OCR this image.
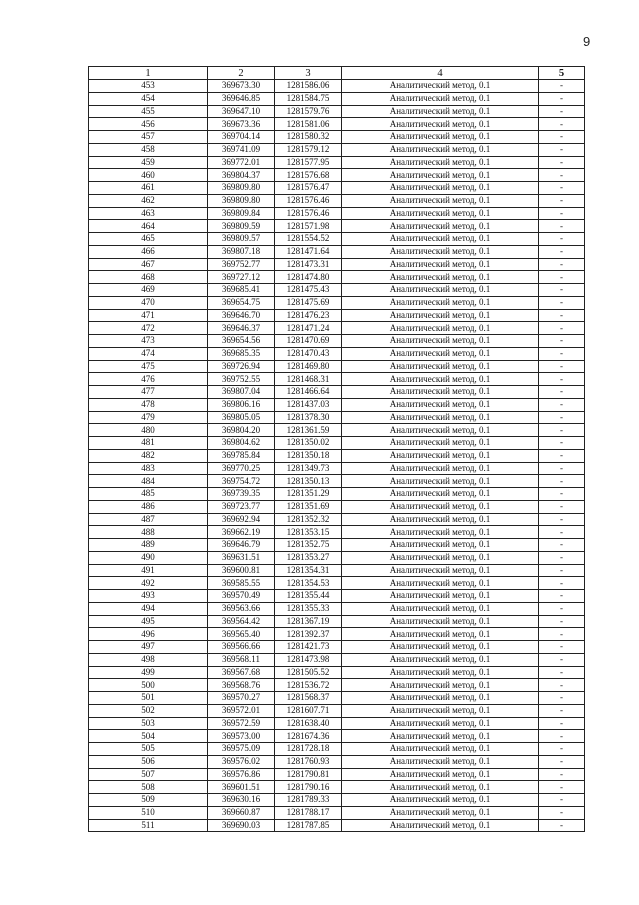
9
1	2	3	4	5
453	369673.30	1281586.06	Аналитический метод, 0.1	-
454	369646.85	1281584.75	Аналитический метод, 0.1	-
455	369647.10	1281579.76	Аналитический метод, 0.1	-
456	369673.36	1281581.06	Аналитический метод, 0.1	-
457	369704.14	1281580.32	Аналитический метод, 0.1	-
458	369741.09	1281579.12	Аналитический метод, 0.1	-
459	369772.01	1281577.95	Аналитический метод, 0.1	-
460	369804.37	1281576.68	Аналитический метод, 0.1	-
461	369809.80	1281576.47	Аналитический метод, 0.1	-
462	369809.80	1281576.46	Аналитический метод, 0.1	-
463	369809.84	1281576.46	Аналитический метод, 0.1	-
464	369809.59	1281571.98	Аналитический метод, 0.1	-
465	369809.57	1281554.52	Аналитический метод, 0.1	-
466	369807.18	1281471.64	Аналитический метод, 0.1	-
467	369752.77	1281473.31	Аналитический метод, 0.1	-
468	369727.12	1281474.80	Аналитический метод, 0.1	-
469	369685.41	1281475.43	Аналитический метод, 0.1	-
470	369654.75	1281475.69	Аналитический метод, 0.1	-
471	369646.70	1281476.23	Аналитический метод, 0.1	-
472	369646.37	1281471.24	Аналитический метод, 0.1	-
473	369654.56	1281470.69	Аналитический метод, 0.1	-
474	369685.35	1281470.43	Аналитический метод, 0.1	-
475	369726.94	1281469.80	Аналитический метод, 0.1	-
476	369752.55	1281468.31	Аналитический метод, 0.1	-
477	369807.04	1281466.64	Аналитический метод, 0.1	-
478	369806.16	1281437.03	Аналитический метод, 0.1	-
479	369805.05	1281378.30	Аналитический метод, 0.1	-
480	369804.20	1281361.59	Аналитический метод, 0.1	-
481	369804.62	1281350.02	Аналитический метод, 0.1	-
482	369785.84	1281350.18	Аналитический метод, 0.1	-
483	369770.25	1281349.73	Аналитический метод, 0.1	-
484	369754.72	1281350.13	Аналитический метод, 0.1	-
485	369739.35	1281351.29	Аналитический метод, 0.1	-
486	369723.77	1281351.69	Аналитический метод, 0.1	-
487	369692.94	1281352.32	Аналитический метод, 0.1	-
488	369662.19	1281353.15	Аналитический метод, 0.1	-
489	369646.79	1281352.75	Аналитический метод, 0.1	-
490	369631.51	1281353.27	Аналитический метод, 0.1	-
491	369600.81	1281354.31	Аналитический метод, 0.1	-
492	369585.55	1281354.53	Аналитический метод, 0.1	-
493	369570.49	1281355.44	Аналитический метод, 0.1	-
494	369563.66	1281355.33	Аналитический метод, 0.1	-
495	369564.42	1281367.19	Аналитический метод, 0.1	-
496	369565.40	1281392.37	Аналитический метод, 0.1	-
497	369566.66	1281421.73	Аналитический метод, 0.1	-
498	369568.11	1281473.98	Аналитический метод, 0.1	-
499	369567.68	1281505.52	Аналитический метод, 0.1	-
500	369568.76	1281536.72	Аналитический метод, 0.1	-
501	369570.27	1281568.37	Аналитический метод, 0.1	-
502	369572.01	1281607.71	Аналитический метод, 0.1	-
503	369572.59	1281638.40	Аналитический метод, 0.1	-
504	369573.00	1281674.36	Аналитический метод, 0.1	-
505	369575.09	1281728.18	Аналитический метод, 0.1	-
506	369576.02	1281760.93	Аналитический метод, 0.1	-
507	369576.86	1281790.81	Аналитический метод, 0.1	-
508	369601.51	1281790.16	Аналитический метод, 0.1	-
509	369630.16	1281789.33	Аналитический метод, 0.1	-
510	369660.87	1281788.17	Аналитический метод, 0.1	-
511	369690.03	1281787.85	Аналитический метод, 0.1	-
